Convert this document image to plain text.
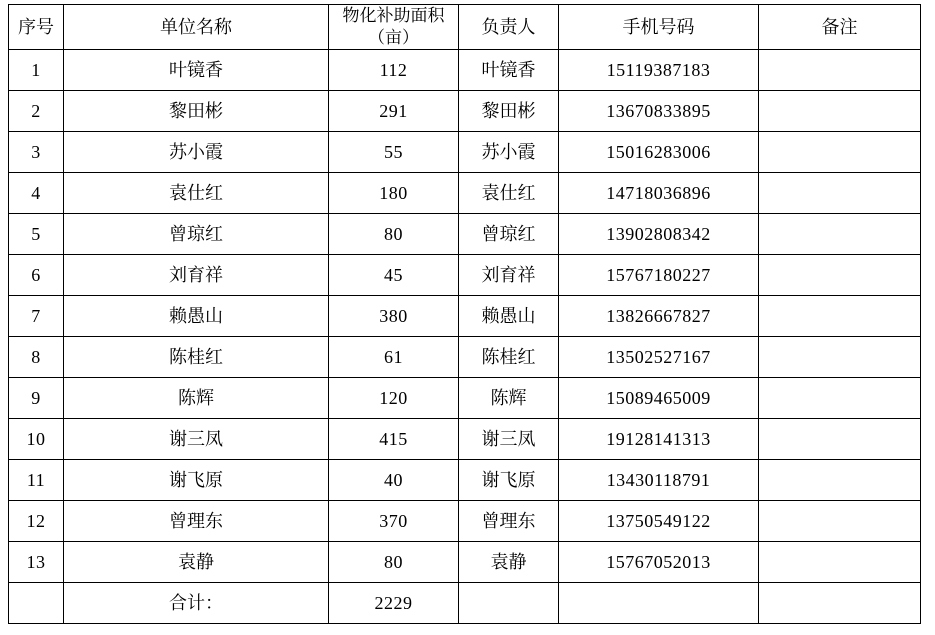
序号	单位名称	物化补助面积（亩）	负责人	手机号码	备注
1	叶镜香	112	叶镜香	15119387183	
2	黎田彬	291	黎田彬	13670833895	
3	苏小霞	55	苏小霞	15016283006	
4	袁仕红	180	袁仕红	14718036896	
5	曾琼红	80	曾琼红	13902808342	
6	刘育祥	45	刘育祥	15767180227	
7	赖愚山	380	赖愚山	13826667827	
8	陈桂红	61	陈桂红	13502527167	
9	陈辉	120	陈辉	15089465009	
10	谢三凤	415	谢三凤	19128141313	
11	谢飞原	40	谢飞原	13430118791	
12	曾理东	370	曾理东	13750549122	
13	袁静	80	袁静	15767052013	
	合计：	2229			
